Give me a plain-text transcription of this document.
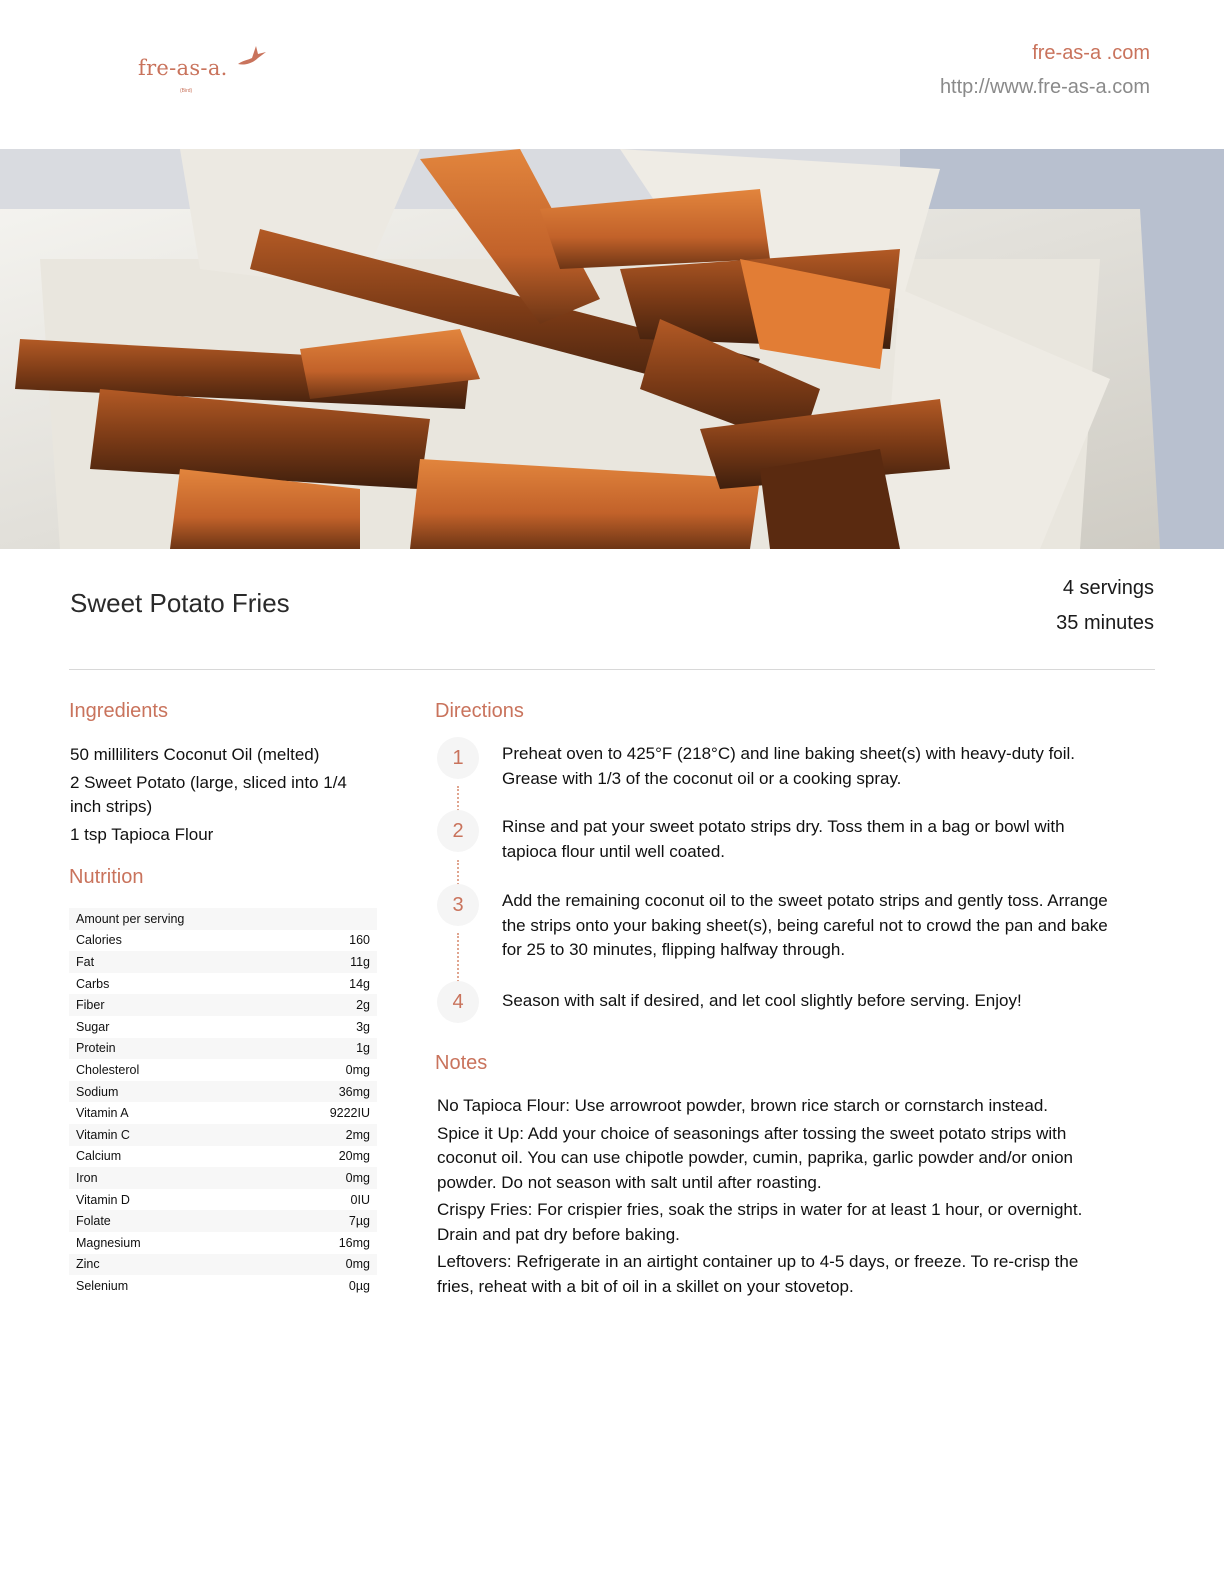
fre-as-a.
(Bird)
fre-as-a .com
http://www.fre-as-a.com
Sweet Potato Fries	4 servings
35 minutes
Ingredients
50 milliliters Coconut Oil (melted)
2 Sweet Potato (large, sliced into 1/4 inch strips)
1 tsp Tapioca Flour
Nutrition
Amount per serving	
Calories	160
Fat	11g
Carbs	14g
Fiber	2g
Sugar	3g
Protein	1g
Cholesterol	0mg
Sodium	36mg
Vitamin A	9222IU
Vitamin C	2mg
Calcium	20mg
Iron	0mg
Vitamin D	0IU
Folate	7µg
Magnesium	16mg
Zinc	0mg
Selenium	0µg
Directions
1	Preheat oven to 425°F (218°C) and line baking sheet(s) with heavy-duty foil. Grease with 1/3 of the coconut oil or a cooking spray.
2	Rinse and pat your sweet potato strips dry. Toss them in a bag or bowl with tapioca flour until well coated.
3	Add the remaining coconut oil to the sweet potato strips and gently toss. Arrange the strips onto your baking sheet(s), being careful not to crowd the pan and bake for 25 to 30 minutes, flipping halfway through.
4	Season with salt if desired, and let cool slightly before serving. Enjoy!
Notes

No Tapioca Flour: Use arrowroot powder, brown rice starch or cornstarch instead.

Spice it Up: Add your choice of seasonings after tossing the sweet potato strips with coconut oil. You can use chipotle powder, cumin, paprika, garlic powder and/or onion powder. Do not season with salt until after roasting.

Crispy Fries: For crispier fries, soak the strips in water for at least 1 hour, or overnight. Drain and pat dry before baking.

Leftovers: Refrigerate in an airtight container up to 4-5 days, or freeze. To re-crisp the fries, reheat with a bit of oil in a skillet on your stovetop.
